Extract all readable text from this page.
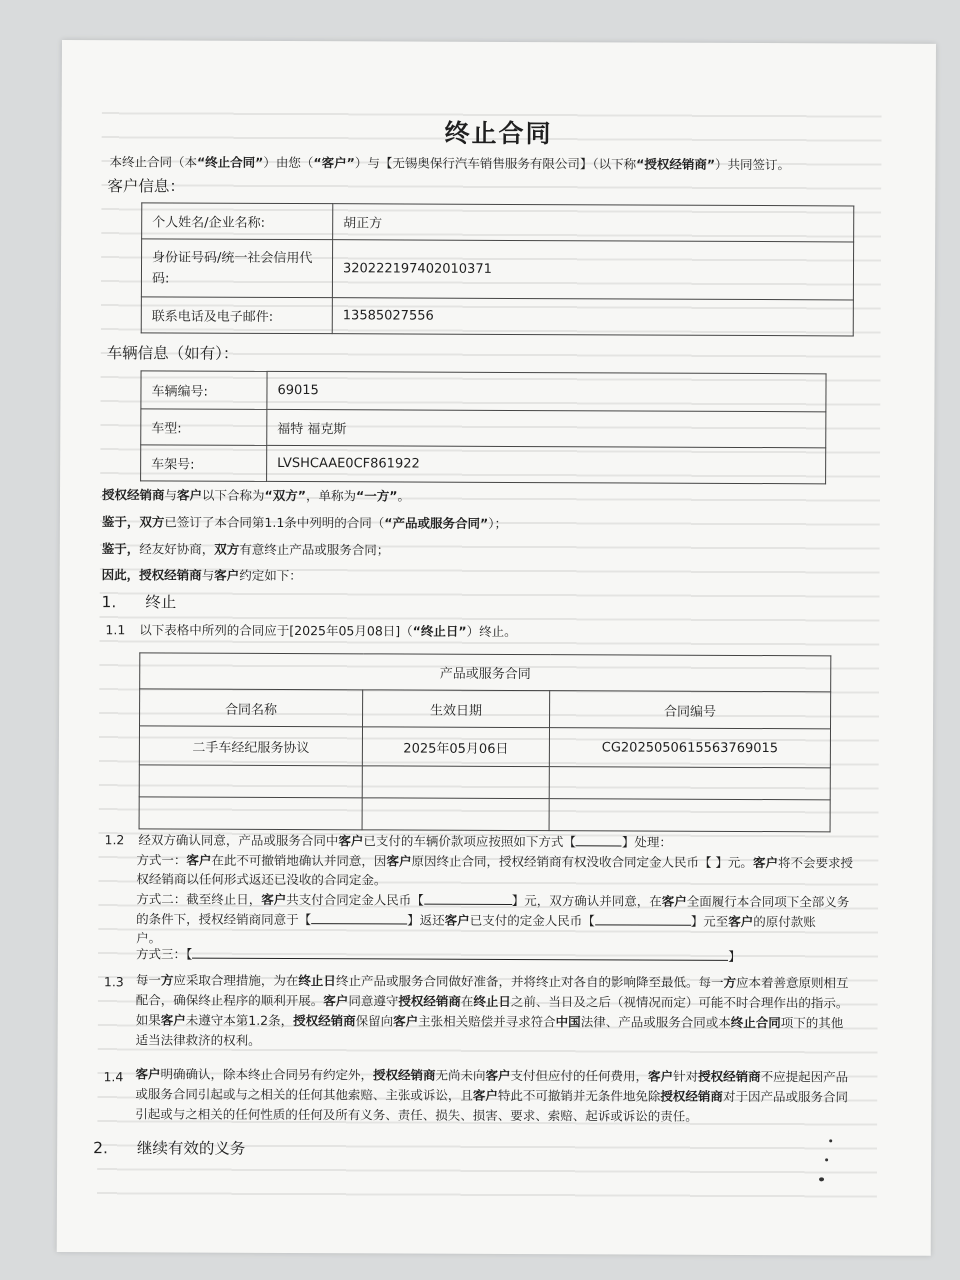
终止合同
本终止合同（本“终止合同”）由您（“客户”）与【无锡奥保行汽车销售服务有限公司】（以下称“授权经销商”）共同签订。
客户信息：
个人姓名/企业名称:	胡正方
身份证号码/统一社会信用代码:	320222197402010371
联系电话及电子邮件:	13585027556
车辆信息（如有）：
车辆编号:	69015
车型:	福特 福克斯
车架号:	LVSHCAAE0CF861922
授权经销商与客户以下合称为“双方”，单称为“一方”。
鉴于，双方已签订了本合同第1.1条中列明的合同（“产品或服务合同”）；
鉴于，经友好协商，双方有意终止产品或服务合同；
因此，授权经销商与客户约定如下：
1. 终止
1.1 以下表格中所列的合同应于[2025年05月08日]（“终止日”）终止。
产品或服务合同		
合同名称	生效日期	合同编号
二手车经纪服务协议	2025年05月06日	CG2025050615563769015

1.2 经双方确认同意，产品或服务合同中客户已支付的车辆价款项应按照如下方式【	】处理：
方式一：客户在此不可撤销地确认并同意，因客户原因终止合同，授权经销商有权没收合同定金人民币【 】元。客户将不会要求授
权经销商以任何形式返还已没收的合同定金。
方式二：截至终止日，客户共支付合同定金人民币【	】元，双方确认并同意，在客户全面履行本合同项下全部义务
的条件下，授权经销商同意于【	】返还客户已支付的定金人民币【	】元至客户的原付款账
户。
方式三：【	】
1.3 每一方应采取合理措施，为在终止日终止产品或服务合同做好准备，并将终止对各自的影响降至最低。每一方应本着善意原则相互
配合，确保终止程序的顺利开展。客户同意遵守授权经销商在终止日之前、当日及之后（视情况而定）可能不时合理作出的指示。
如果客户未遵守本第1.2条，授权经销商保留向客户主张相关赔偿并寻求符合中国法律、产品或服务合同或本终止合同项下的其他
适当法律救济的权利。
1.4 客户明确确认，除本终止合同另有约定外，授权经销商无尚未向客户支付但应付的任何费用，客户针对授权经销商不应提起因产品
或服务合同引起或与之相关的任何其他索赔、主张或诉讼，且客户特此不可撤销并无条件地免除授权经销商对于因产品或服务合同
引起或与之相关的任何性质的任何及所有义务、责任、损失、损害、要求、索赔、起诉或诉讼的责任。
2. 继续有效的义务
